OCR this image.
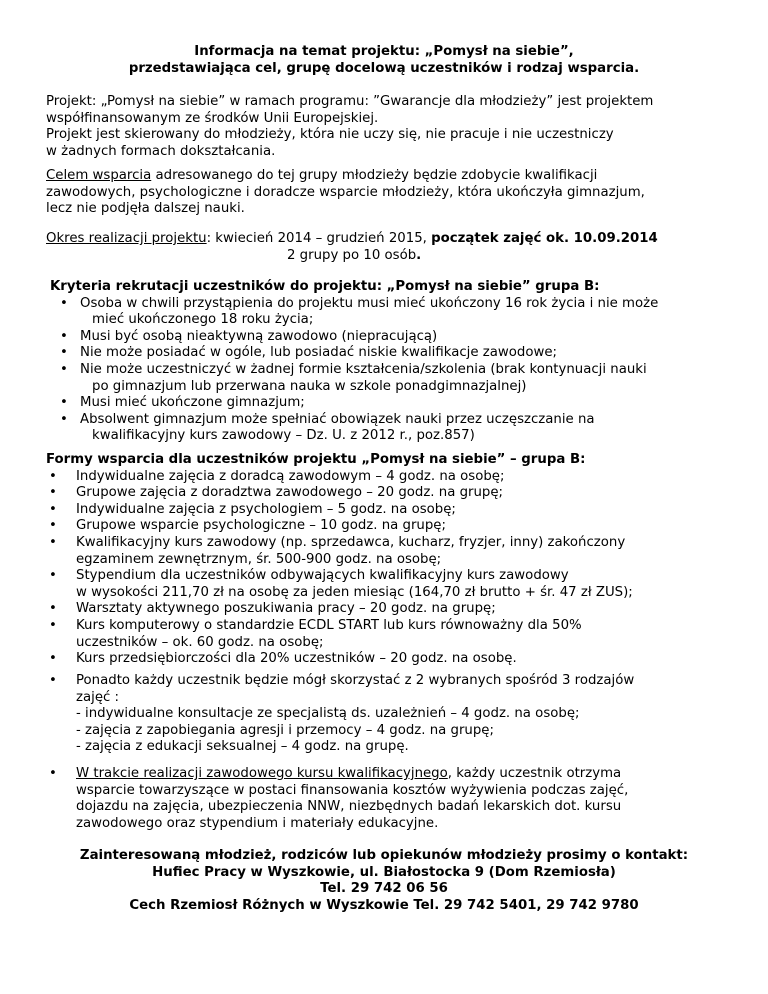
Informacja na temat projektu: „Pomysł na siebie”,
przedstawiająca cel, grupę docelową uczestników i rodzaj wsparcia.
Projekt: „Pomysł na siebie” w ramach programu: ”Gwarancje dla młodzieży” jest projektem
współfinansowanym ze środków Unii Europejskiej.
Projekt jest skierowany do młodzieży, która nie uczy się, nie pracuje i nie uczestniczy
w żadnych formach dokształcania.
Celem wsparcia adresowanego do tej grupy młodzieży będzie zdobycie kwalifikacji
zawodowych, psychologiczne i doradcze wsparcie młodzieży, która ukończyła gimnazjum,
lecz nie podjęła dalszej nauki.
Okres realizacji projektu: kwiecień 2014 – grudzień 2015, początek zajęć ok. 10.09.2014
2 grupy po 10 osób.
Kryteria rekrutacji uczestników do projektu: „Pomysł na siebie” grupa B:
• Osoba w chwili przystąpienia do projektu musi mieć ukończony 16 rok życia i nie może
mieć ukończonego 18 roku życia;
• Musi być osobą nieaktywną zawodowo (niepracującą)
• Nie może posiadać w ogóle, lub posiadać niskie kwalifikacje zawodowe;
• Nie może uczestniczyć w żadnej formie kształcenia/szkolenia (brak kontynuacji nauki
po gimnazjum lub przerwana nauka w szkole ponadgimnazjalnej)
• Musi mieć ukończone gimnazjum;
• Absolwent gimnazjum może spełniać obowiązek nauki przez uczęszczanie na
kwalifikacyjny kurs zawodowy – Dz. U. z 2012 r., poz.857)
Formy wsparcia dla uczestników projektu „Pomysł na siebie” – grupa B:
• Indywidualne zajęcia z doradcą zawodowym – 4 godz. na osobę;
• Grupowe zajęcia z doradztwa zawodowego – 20 godz. na grupę;
• Indywidualne zajęcia z psychologiem – 5 godz. na osobę;
• Grupowe wsparcie psychologiczne – 10 godz. na grupę;
• Kwalifikacyjny kurs zawodowy (np. sprzedawca, kucharz, fryzjer, inny) zakończony
egzaminem zewnętrznym, śr. 500-900 godz. na osobę;
• Stypendium dla uczestników odbywających kwalifikacyjny kurs zawodowy
w wysokości 211,70 zł na osobę za jeden miesiąc (164,70 zł brutto + śr. 47 zł ZUS);
• Warsztaty aktywnego poszukiwania pracy – 20 godz. na grupę;
• Kurs komputerowy o standardzie ECDL START lub kurs równoważny dla 50%
uczestników – ok. 60 godz. na osobę;
• Kurs przedsiębiorczości dla 20% uczestników – 20 godz. na osobę.
• Ponadto każdy uczestnik będzie mógł skorzystać z 2 wybranych spośród 3 rodzajów
zajęć :
- indywidualne konsultacje ze specjalistą ds. uzależnień – 4 godz. na osobę;
- zajęcia z zapobiegania agresji i przemocy – 4 godz. na grupę;
- zajęcia z edukacji seksualnej – 4 godz. na grupę.
• W trakcie realizacji zawodowego kursu kwalifikacyjnego, każdy uczestnik otrzyma
wsparcie towarzyszące w postaci finansowania kosztów wyżywienia podczas zajęć,
dojazdu na zajęcia, ubezpieczenia NNW, niezbędnych badań lekarskich dot. kursu
zawodowego oraz stypendium i materiały edukacyjne.
Zainteresowaną młodzież, rodziców lub opiekunów młodzieży prosimy o kontakt:
Hufiec Pracy w Wyszkowie, ul. Białostocka 9 (Dom Rzemiosła)
Tel. 29 742 06 56
Cech Rzemiosł Różnych w Wyszkowie Tel. 29 742 5401, 29 742 9780
